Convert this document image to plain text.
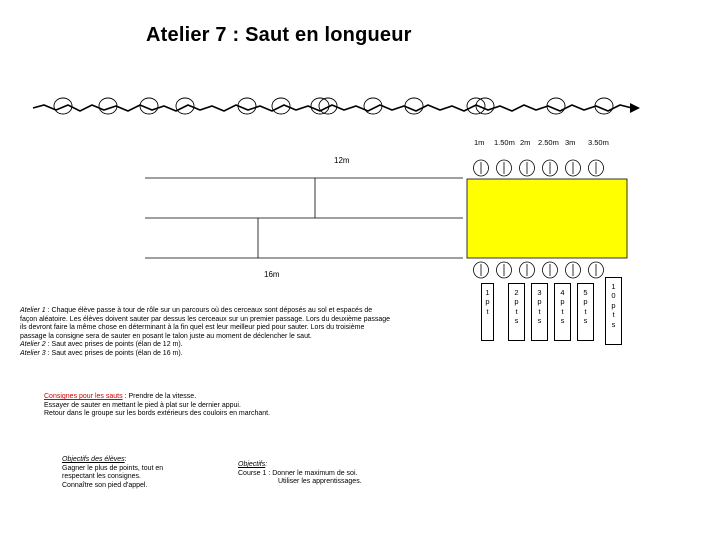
Atelier 7 : Saut en longueur
1m 1.50m 2m 2.50m 3m 3.50m
12m
16m
1
p
t
2
p
t
s
3
p
t
s
4
p
t
s
5
p
t
s
1
0
p
t
s

Atelier 1 : Chaque élève passe à tour de rôle sur un parcours où des cerceaux sont déposés au sol et espacés de

façon aléatoire. Les élèves doivent sauter par dessus les cerceaux sur un premier passage. Lors du deuxième passage

ils devront faire la même chose en déterminant à la fin quel est leur meilleur pied pour sauter. Lors du troisième

passage la consigne sera de sauter en posant le talon juste au moment de déclencher le saut.

Atelier 2 : Saut avec prises de points (élan de 12 m).

Atelier 3 : Saut avec prises de points (élan de 16 m).

Consignes pour les sauts : Prendre de la vitesse.

Essayer de sauter en mettant le pied à plat sur le dernier appui.

Retour dans le groupe sur les bords extérieurs des couloirs en marchant.

Objectifs des élèves:

Gagner le plus de points, tout en

respectant les consignes.

Connaître son pied d'appel.

Objectifs:

Course 1 : Donner le maximum de soi.

Utiliser les apprentissages.
